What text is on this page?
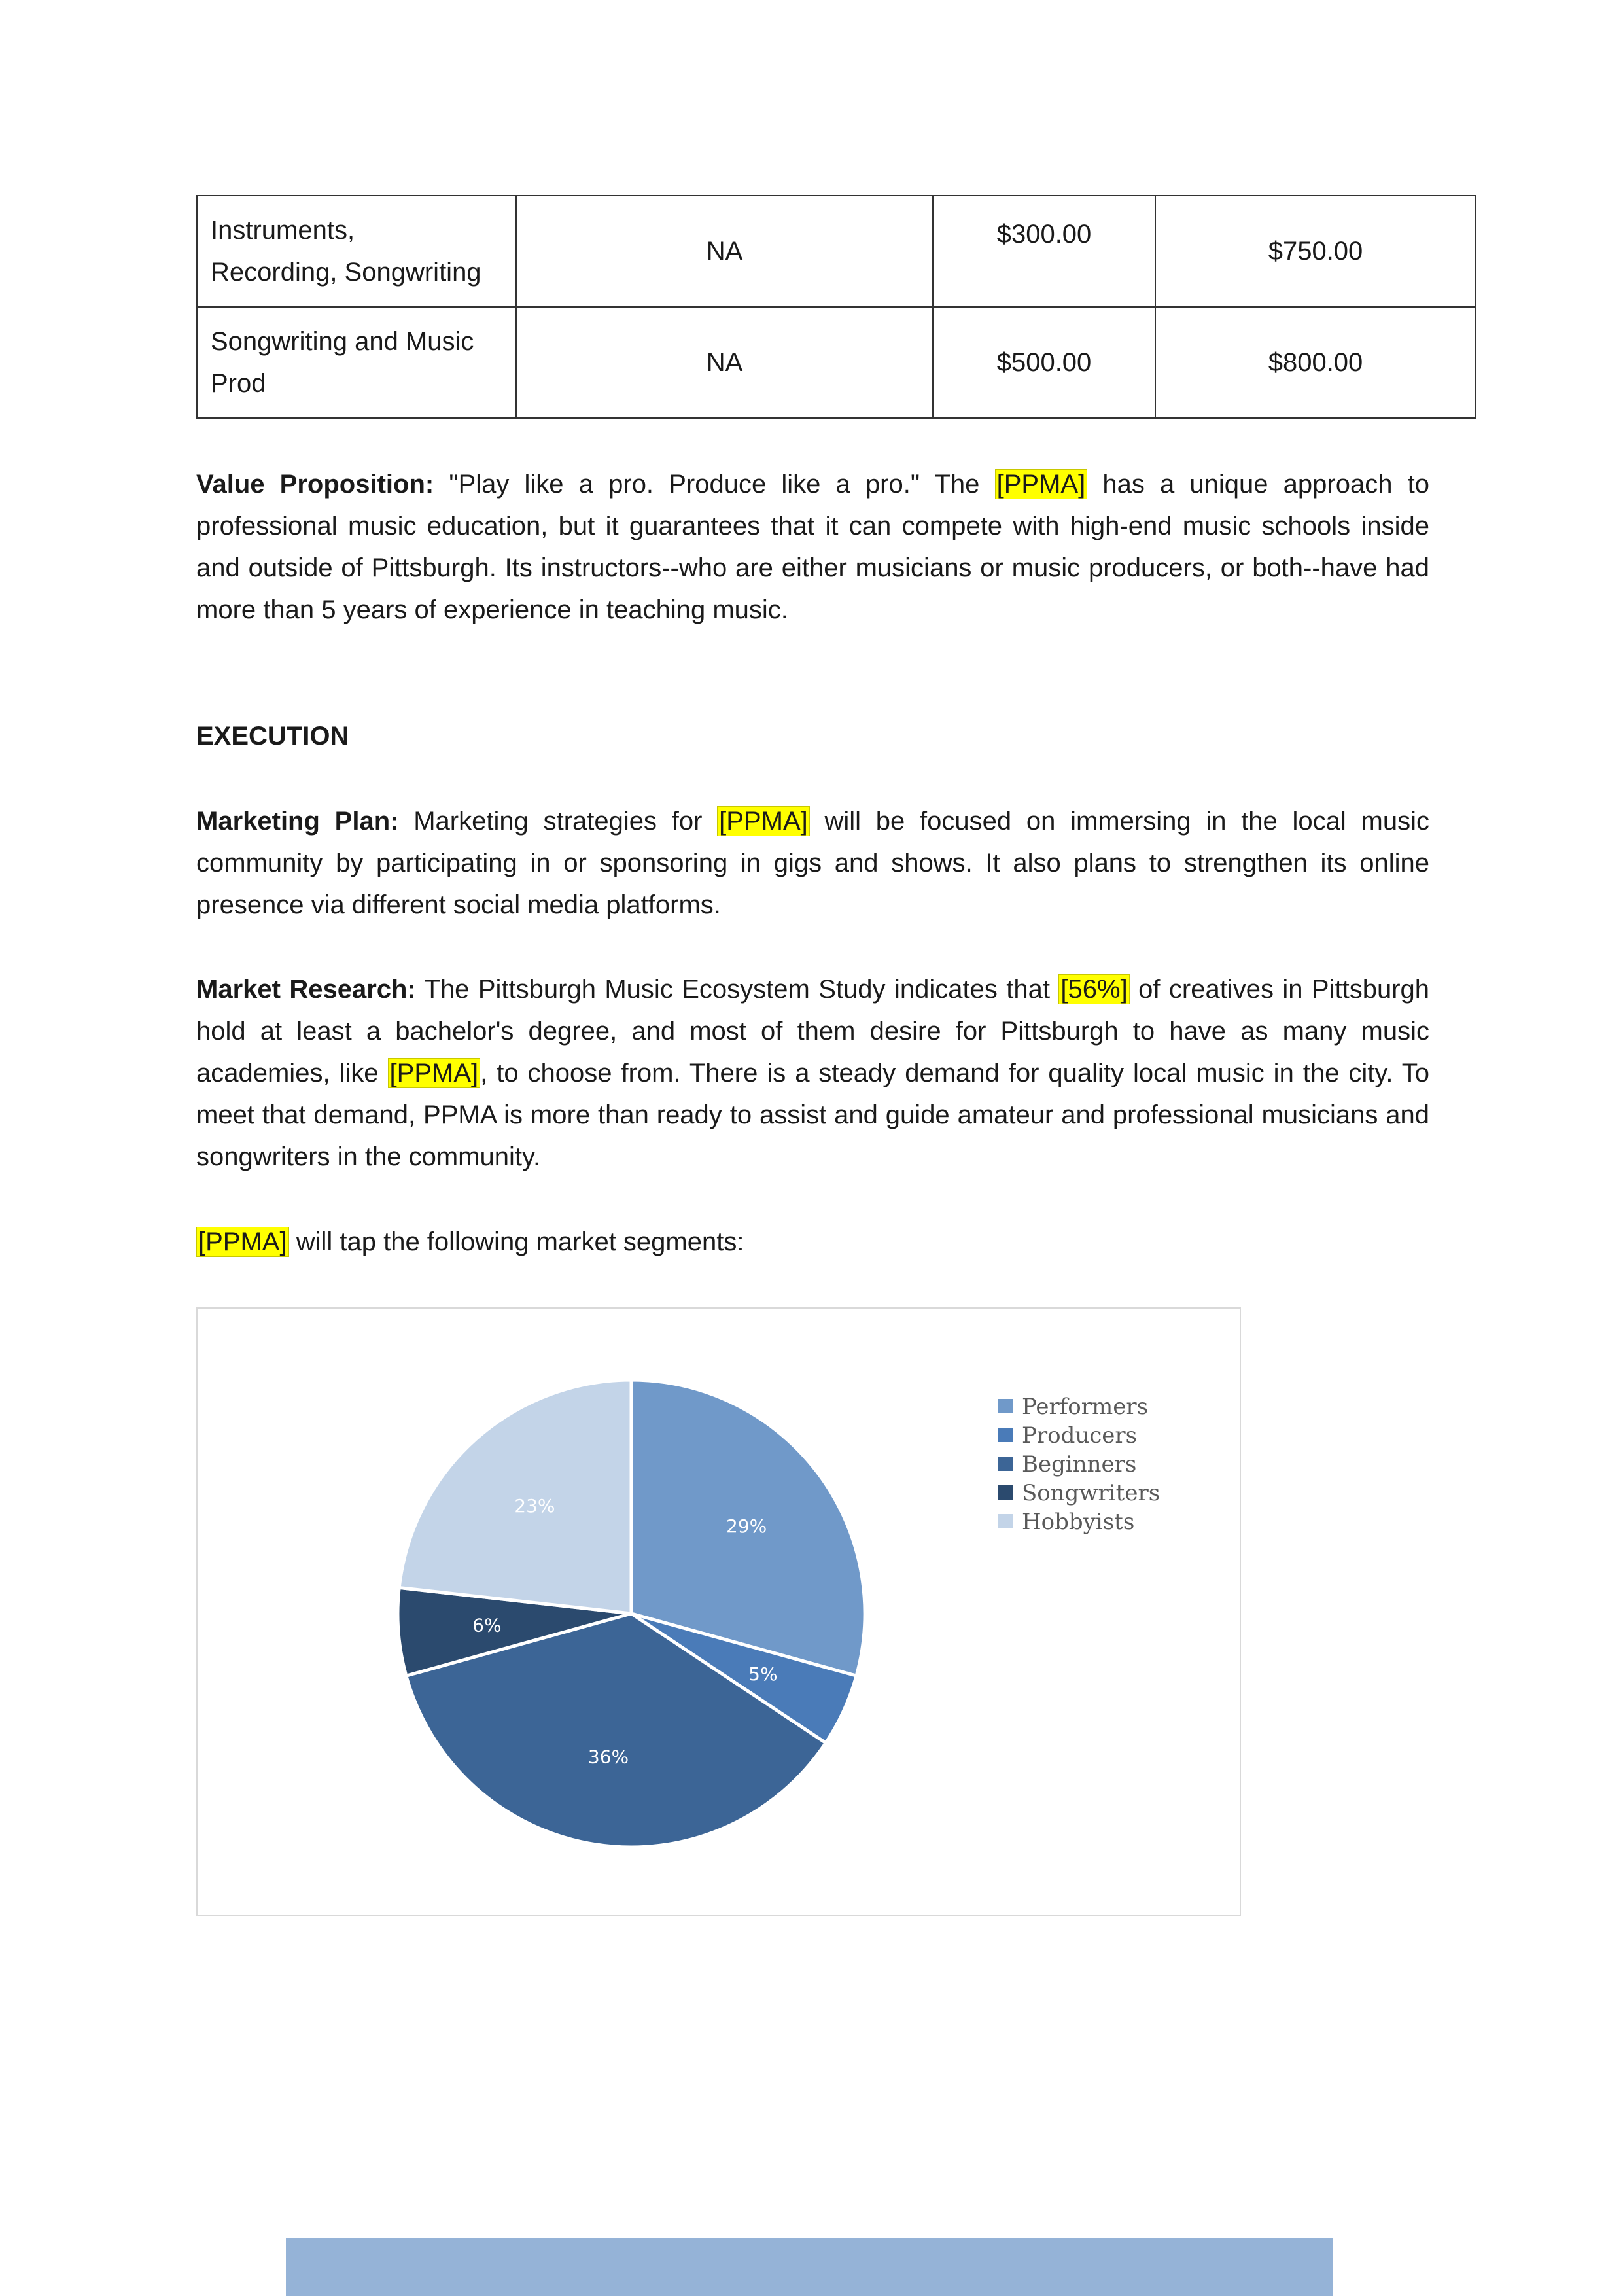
Instruments,
Recording, Songwriting	NA	$300.00	$750.00
Songwriting and Music
Prod	NA	$500.00	$800.00

Value Proposition: "Play like a pro. Produce like a pro." The [PPMA] has a unique approach to professional music education, but it guarantees that it can compete with high-end music schools inside and outside of Pittsburgh. Its instructors--who are either musicians or music producers, or both--have had more than 5 years of experience in teaching music.

EXECUTION

Marketing Plan: Marketing strategies for [PPMA] will be focused on immersing in the local music community by participating in or sponsoring in gigs and shows. It also plans to strengthen its online presence via different social media platforms.

Market Research: The Pittsburgh Music Ecosystem Study indicates that [56%] of creatives in Pittsburgh hold at least a bachelor's degree, and most of them desire for Pittsburgh to have as many music academies, like [PPMA], to choose from. There is a steady demand for quality local music in the city. To meet that demand, PPMA is more than ready to assist and guide amateur and professional musicians and songwriters in the community.

[PPMA] will tap the following market segments:

29%
5%
36%
6%
23%
Performers
Producers
Beginners
Songwriters
Hobbyists
